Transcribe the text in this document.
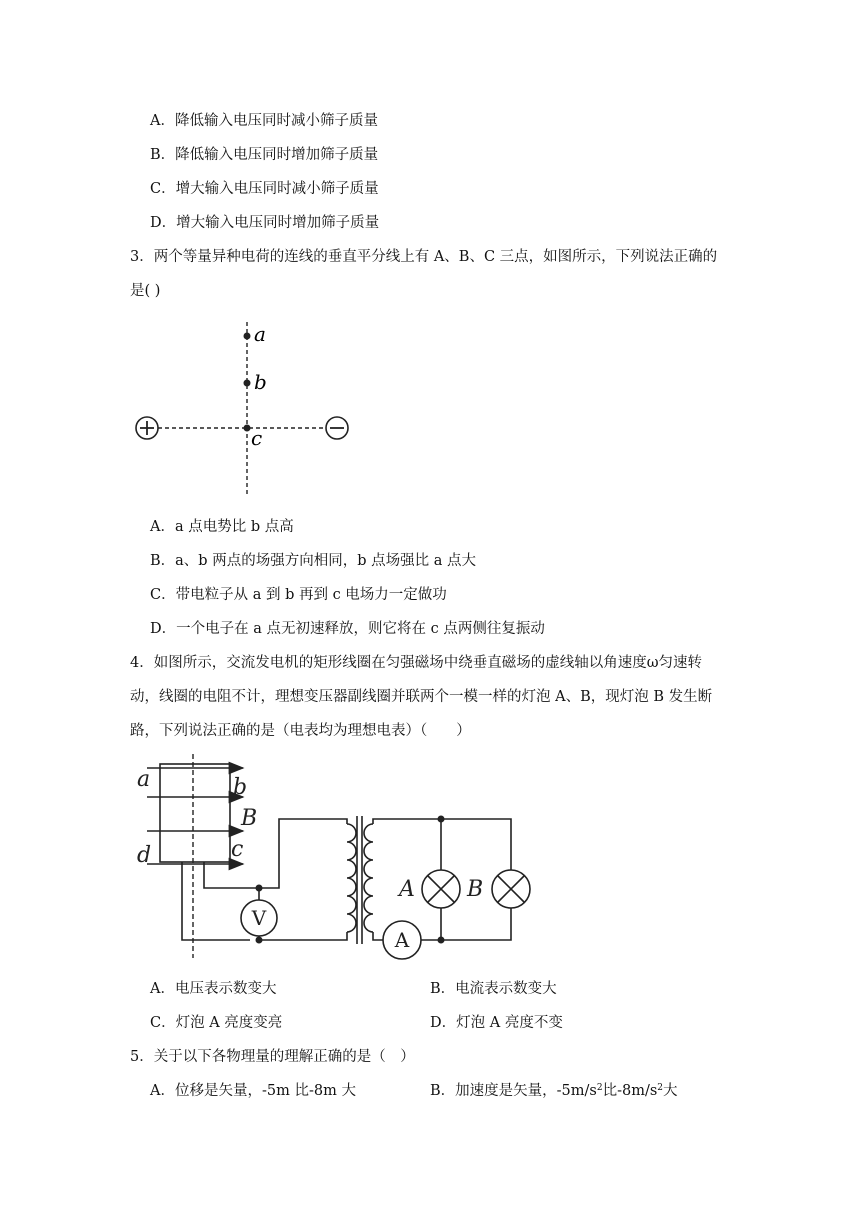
A．降低输入电压同时减小筛子质量
B．降低输入电压同时增加筛子质量
C．增大输入电压同时减小筛子质量
D．增大输入电压同时增加筛子质量
3．两个等量异种电荷的连线的垂直平分线上有 A、B、C 三点，如图所示，下列说法正确的
是( )
a
b
c
A．a 点电势比 b 点高
B．a、b 两点的场强方向相同，b 点场强比 a 点大
C．带电粒子从 a 到 b 再到 c 电场力一定做功
D．一个电子在 a 点无初速释放，则它将在 c 点两侧往复振动
4．如图所示，交流发电机的矩形线圈在匀强磁场中绕垂直磁场的虚线轴以角速度ω匀速转
动，线圈的电阻不计，理想变压器副线圈并联两个一模一样的灯泡 A、B，现灯泡 B 发生断
路，下列说法正确的是（电表均为理想电表）（　　）
a	b
B
c
d
A B
V
A
A．电压表示数变大	B．电流表示数变大
C．灯泡 A 亮度变亮	D．灯泡 A 亮度不变
5．关于以下各物理量的理解正确的是（　）
A．位移是矢量，-5m 比-8m 大	B．加速度是矢量，$-5m/s^2$比$-8m/s^2$大
